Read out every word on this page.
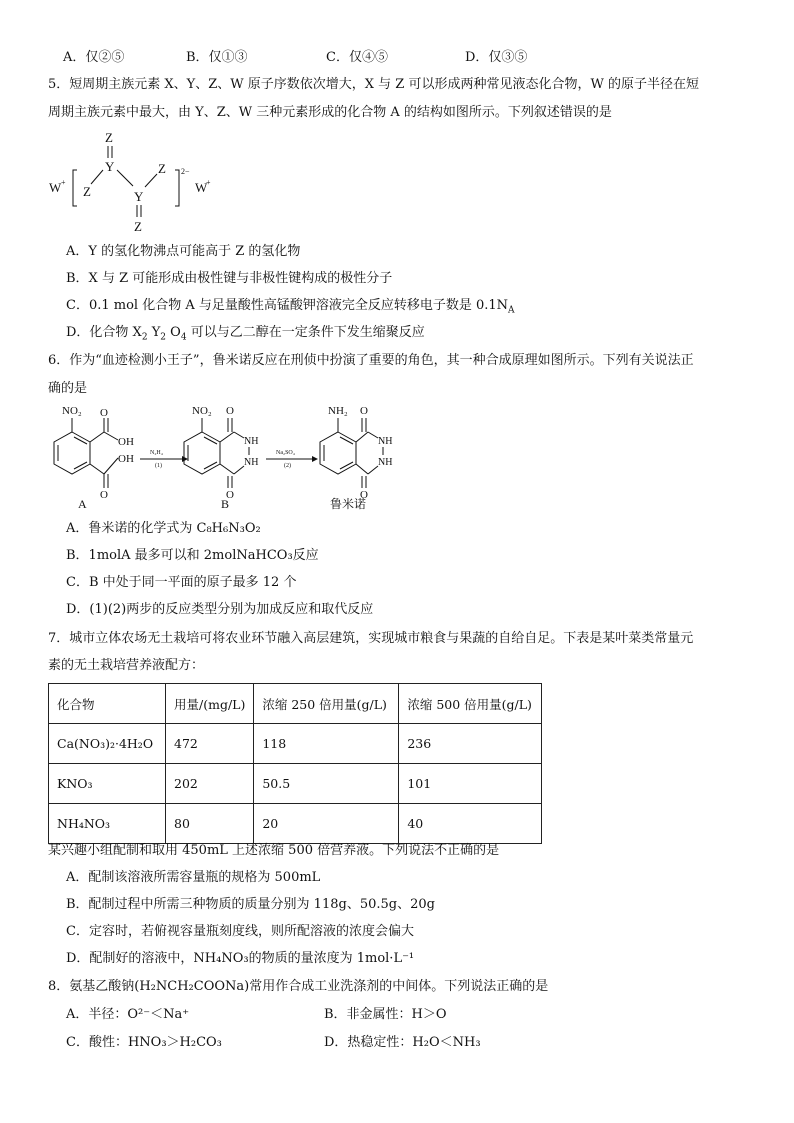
A．仅②⑤	B．仅①③	C．仅④⑤	D．仅③⑤
5．短周期主族元素 X、Y、Z、W 原子序数依次增大，X 与 Z 可以形成两种常见液态化合物，W 的原子半径在短
周期主族元素中最大，由 Y、Z、W 三种元素形成的化合物 A 的结构如图所示。下列叙述错误的是
W +
2−
W
+
Z
Y
Z	Y
Z
Z
A．Y 的氢化物沸点可能高于 Z 的氢化物
B．X 与 Z 可能形成由极性键与非极性键构成的极性分子
C．0.1 mol 化合物 A 与足量酸性高锰酸钾溶液完全反应转移电子数是 $0.1N_A$
D．化合物 $X_2$ $Y_2$ $O_4$ 可以与乙二醇在一定条件下发生缩聚反应
6．作为“血迹检测小王子”，鲁米诺反应在刑侦中扮演了重要的角色，其一种合成原理如图所示。下列有关说法正
确的是
NO₂ O
OH
OH
O
A
N₂H₄
(1)
NO₂ O
NH
NH
O
B
Na₂SO₄
(2)
NH₂ O
NH
NH
O
鲁米诺
A．鲁米诺的化学式为 C₈H₆N₃O₂
B．1molA 最多可以和 2molNaHCO₃反应
C．B 中处于同一平面的原子最多 12 个
D．(1)(2)两步的反应类型分别为加成反应和取代反应
7．城市立体农场无土栽培可将农业环节融入高层建筑，实现城市粮食与果蔬的自给自足。下表是某叶菜类常量元
素的无土栽培营养液配方：
化合物	用量/(mg/L)	浓缩 250 倍用量(g/L)	浓缩 500 倍用量(g/L)
Ca(NO₃)₂·4H₂O	472	118	236
KNO₃	202	50.5	101
NH₄NO₃	80	20	40
某兴趣小组配制和取用 450mL 上述浓缩 500 倍营养液。下列说法不正确的是
A．配制该溶液所需容量瓶的规格为 500mL
B．配制过程中所需三种物质的质量分别为 118g、50.5g、20g
C．定容时，若俯视容量瓶刻度线，则所配溶液的浓度会偏大
D．配制好的溶液中，NH₄NO₃的物质的量浓度为 1mol·L⁻¹
8．氨基乙酸钠(H₂NCH₂COONa)常用作合成工业洗涤剂的中间体。下列说法正确的是
A．半径：O²⁻＜Na⁺	B．非金属性：H＞O
C．酸性：HNO₃＞H₂CO₃	D．热稳定性：H₂O＜NH₃
